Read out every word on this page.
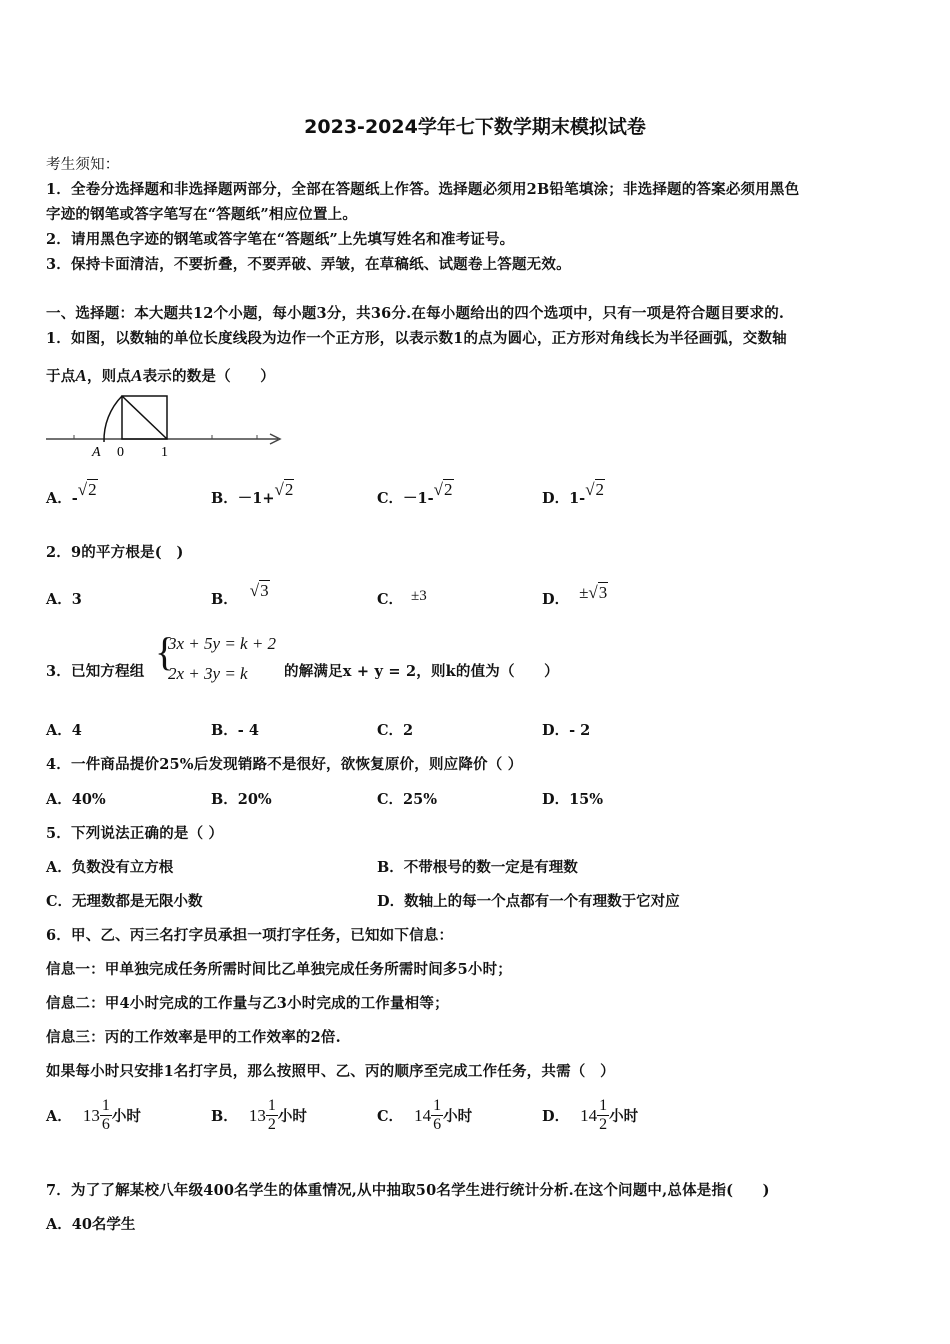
2023-2024学年七下数学期末模拟试卷
考生须知：
1．全卷分选择题和非选择题两部分，全部在答题纸上作答。选择题必须用2B铅笔填涂；非选择题的答案必须用黑色
字迹的钢笔或答字笔写在“答题纸”相应位置上。
2．请用黑色字迹的钢笔或答字笔在“答题纸”上先填写姓名和准考证号。
3．保持卡面清洁，不要折叠，不要弄破、弄皱，在草稿纸、试题卷上答题无效。
一、选择题：本大题共12个小题，每小题3分，共36分.在每小题给出的四个选项中，只有一项是符合题目要求的.
1．如图，以数轴的单位长度线段为边作一个正方形，以表示数1的点为圆心，正方形对角线长为半径画弧，交数轴
于点A，则点A表示的数是（　　）
A 0	1
A．-√2	B．－1+√2	C．－1-√2	D．1-√2
2．9的平方根是(　)
A．3	B． √3	C． ±3	D． ±√3
3．已知方程组 {
3x + 5y = k + 2
2x + 3y = k	的解满足x + y = 2，则k的值为（　　）
A．4	B．- 4	C．2	D．- 2
4．一件商品提价25%后发现销路不是很好，欲恢复原价，则应降价（ ）
A．40%	B．20%	C．25%	D．15%
5．下列说法正确的是（ ）
A．负数没有立方根	B．不带根号的数一定是有理数
C．无理数都是无限小数	D．数轴上的每一个点都有一个有理数于它对应
6．甲、乙、丙三名打字员承担一项打字任务，已知如下信息：
信息一：甲单独完成任务所需时间比乙单独完成任务所需时间多5小时；
信息二：甲4小时完成的工作量与乙3小时完成的工作量相等；
信息三：丙的工作效率是甲的工作效率的2倍.
如果每小时只安排1名打字员，那么按照甲、乙、丙的顺序至完成工作任务，共需（　）
A． $13 \frac{1}{6}$ 小时	B． $13 \frac{1}{2}$ 小时	C． $14 \frac{1}{6}$ 小时	D． $14 \frac{1}{2}$ 小时
7．为了了解某校八年级400名学生的体重情况,从中抽取50名学生进行统计分析.在这个问题中,总体是指(　　)
A．40名学生
